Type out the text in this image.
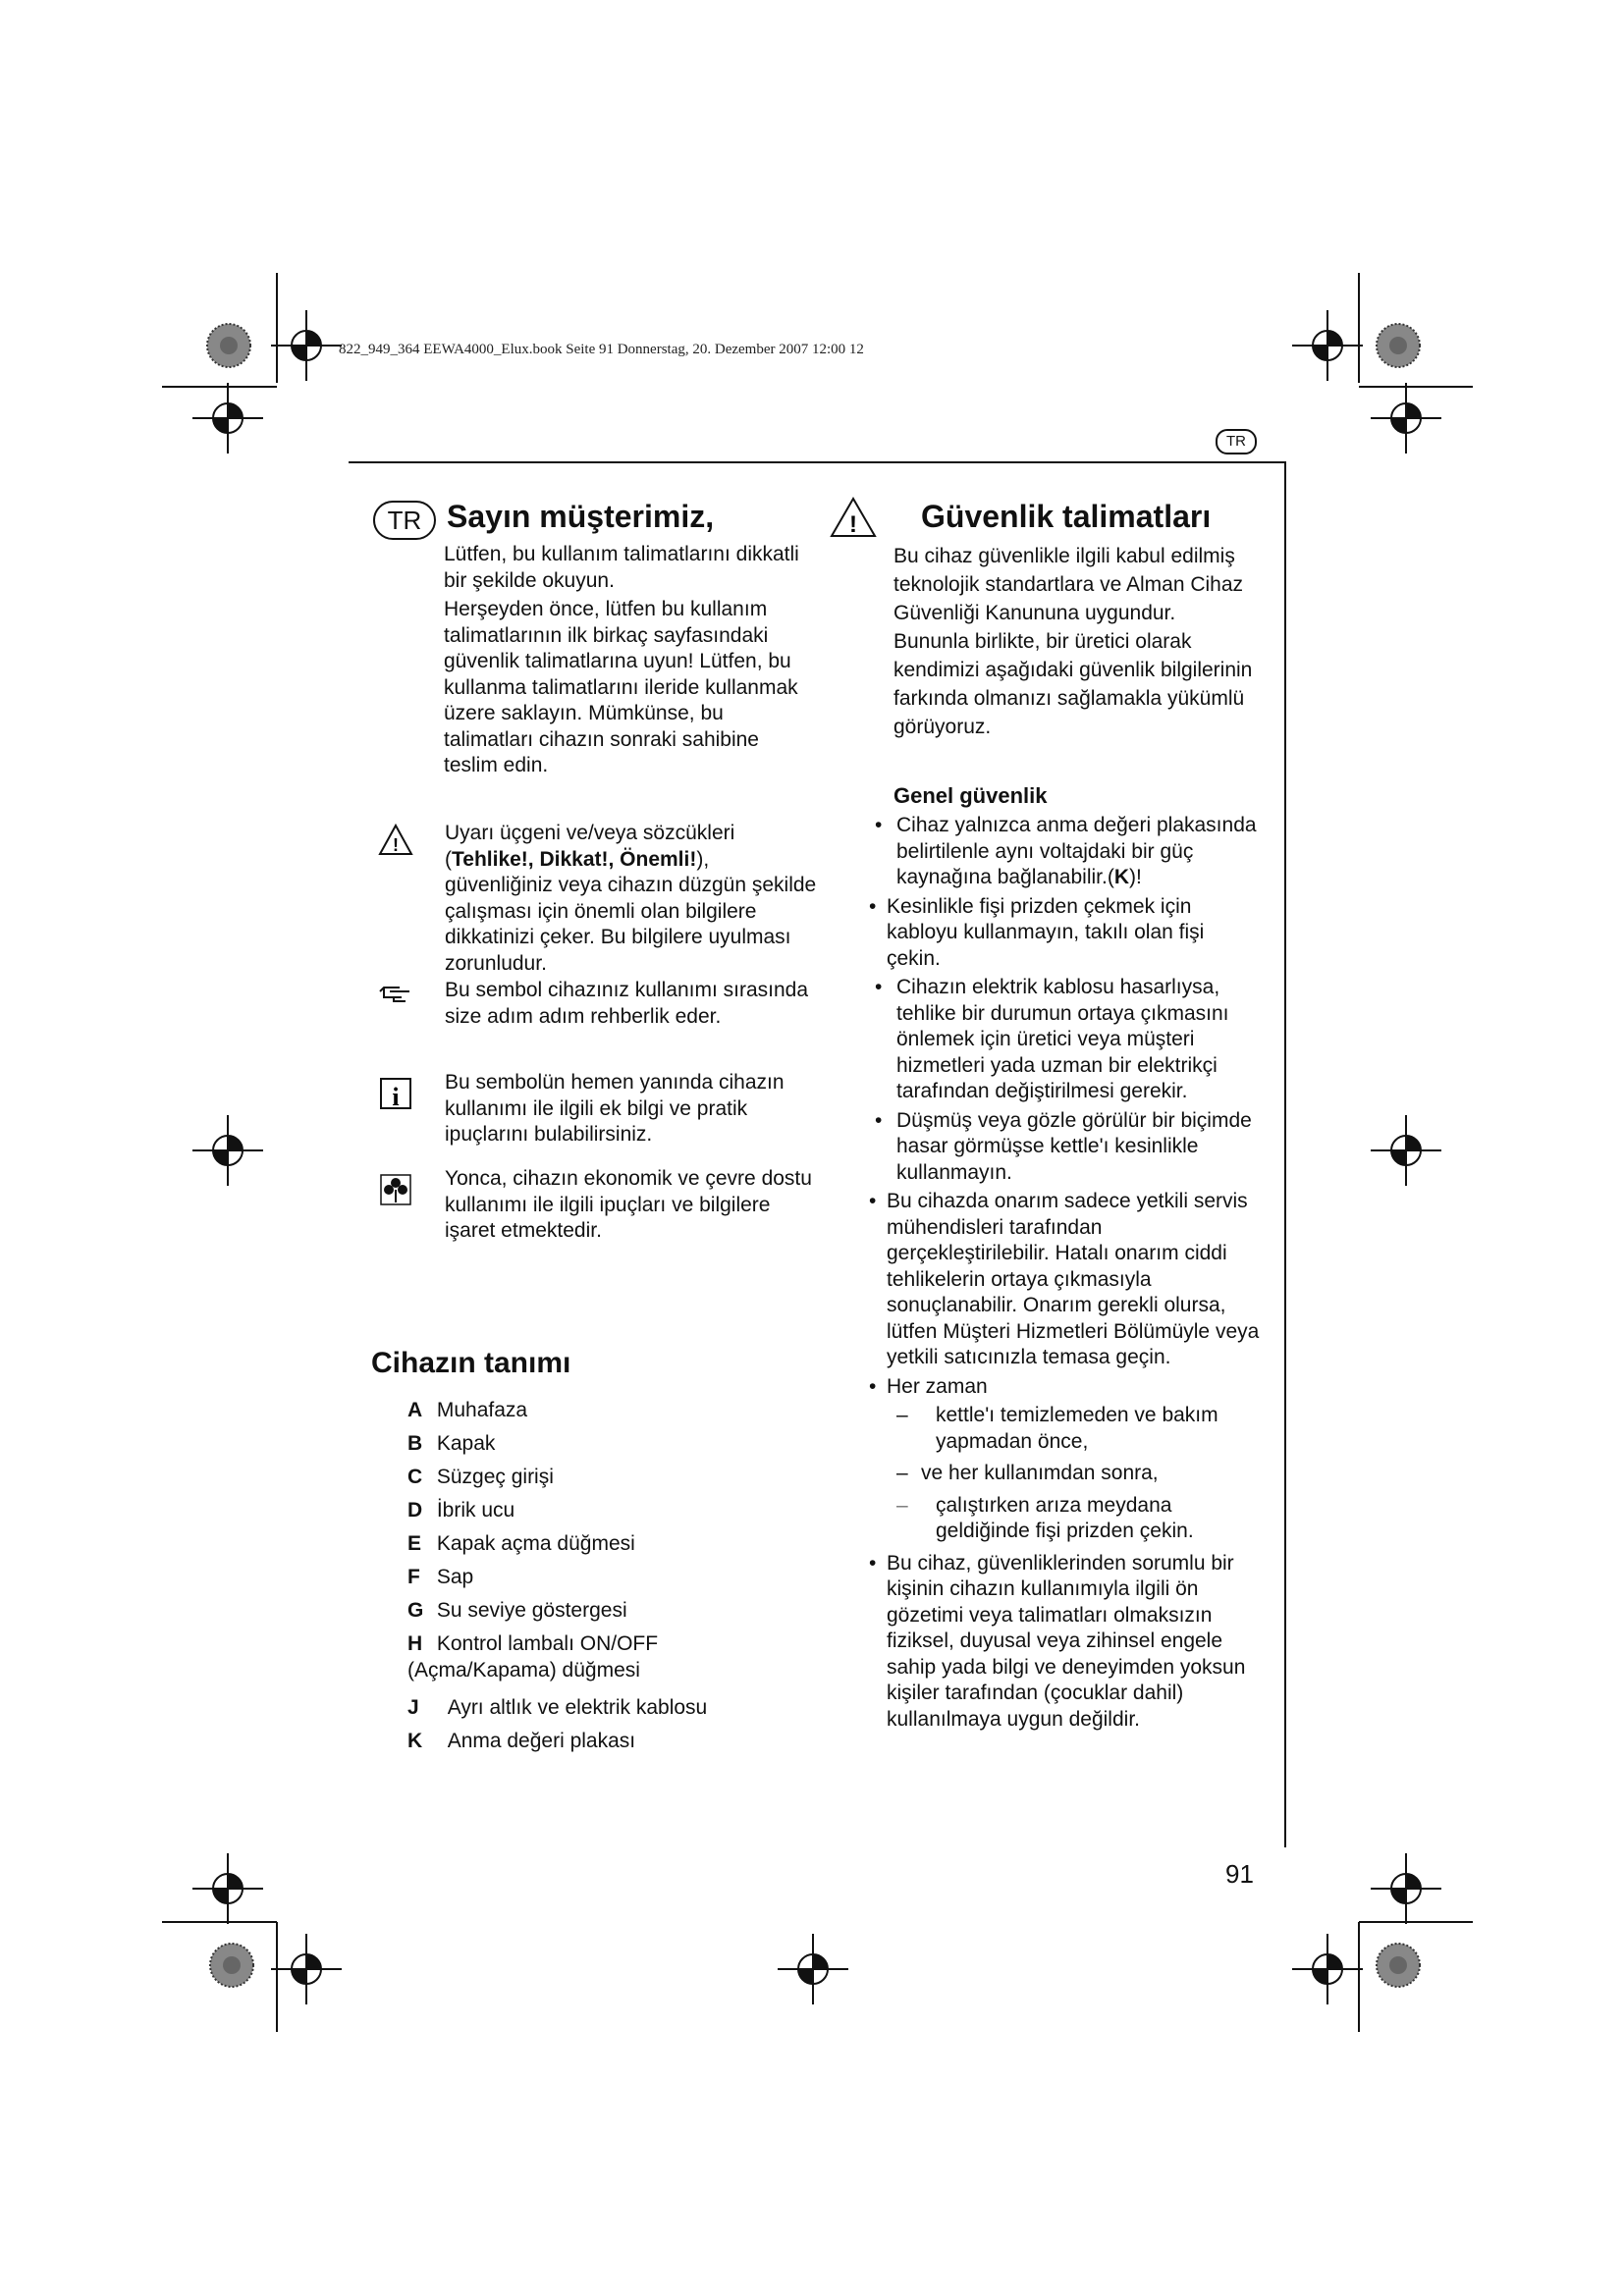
822_949_364 EEWA4000_Elux.book Seite 91 Donnerstag, 20. Dezember 2007 12:00 12
TR
TR Sayın müşterimiz,

Lütfen, bu kullanım talimatlarını dikkatli bir şekilde okuyun.

Herşeyden önce, lütfen bu kullanım talimatlarının ilk birkaç sayfasındaki güvenlik talimatlarına uyun! Lütfen, bu kullanma talimatlarını ileride kullanmak üzere saklayın. Mümkünse, bu talimatları cihazın sonraki sahibine teslim edin.

!
Uyarı üçgeni ve/veya sözcükleri (Tehlike!, Dikkat!, Önemli!), güvenliğiniz veya cihazın düzgün şekilde çalışması için önemli olan bilgilere dikkatinizi çeker. Bu bilgilere uyulması zorunludur.
Bu sembol cihazınız kullanımı sırasında size adım adım rehberlik eder.
i
Bu sembolün hemen yanında cihazın kullanımı ile ilgili ek bilgi ve pratik ipuçlarını bulabilirsiniz.
Yonca, cihazın ekonomik ve çevre dostu kullanımı ile ilgili ipuçları ve bilgilere işaret etmektedir.
Cihazın tanımı
A Muhafaza
B Kapak
C Süzgeç girişi
D İbrik ucu
E Kapak açma düğmesi
F Sap
G Su seviye göstergesi
H Kontrol lambalı ON/OFF (Açma/Kapama) düğmesi
J Ayrı altlık ve elektrik kablosu
K Anma değeri plakası
! Güvenlik talimatları
Bu cihaz güvenlikle ilgili kabul edilmiş teknolojik standartlara ve Alman Cihaz Güvenliği Kanununa uygundur. Bununla birlikte, bir üretici olarak kendimizi aşağıdaki güvenlik bilgilerinin farkında olmanızı sağlamakla yükümlü görüyoruz.
Genel güvenlik
• Cihaz yalnızca anma değeri plakasında belirtilenle aynı voltajdaki bir güç kaynağına bağlanabilir.(K)!
• Kesinlikle fişi prizden çekmek için kabloyu kullanmayın, takılı olan fişi çekin.
• Cihazın elektrik kablosu hasarlıysa, tehlike bir durumun ortaya çıkmasını önlemek için üretici veya müşteri hizmetleri yada uzman bir elektrikçi tarafından değiştirilmesi gerekir.
• Düşmüş veya gözle görülür bir biçimde hasar görmüşse kettle'ı kesinlikle kullanmayın.
• Bu cihazda onarım sadece yetkili servis mühendisleri tarafından gerçekleştirilebilir. Hatalı onarım ciddi tehlikelerin ortaya çıkmasıyla sonuçlanabilir. Onarım gerekli olursa, lütfen Müşteri Hizmetleri Bölümüyle veya yetkili satıcınızla temasa geçin.
• Her zaman
– kettle'ı temizlemeden ve bakım yapmadan önce,
– ve her kullanımdan sonra,
– çalıştırken arıza meydana geldiğinde fişi prizden çekin.
• Bu cihaz, güvenliklerinden sorumlu bir kişinin cihazın kullanımıyla ilgili ön gözetimi veya talimatları olmaksızın fiziksel, duyusal veya zihinsel engele sahip yada bilgi ve deneyimden yoksun kişiler tarafından (çocuklar dahil) kullanılmaya uygun değildir.
91
